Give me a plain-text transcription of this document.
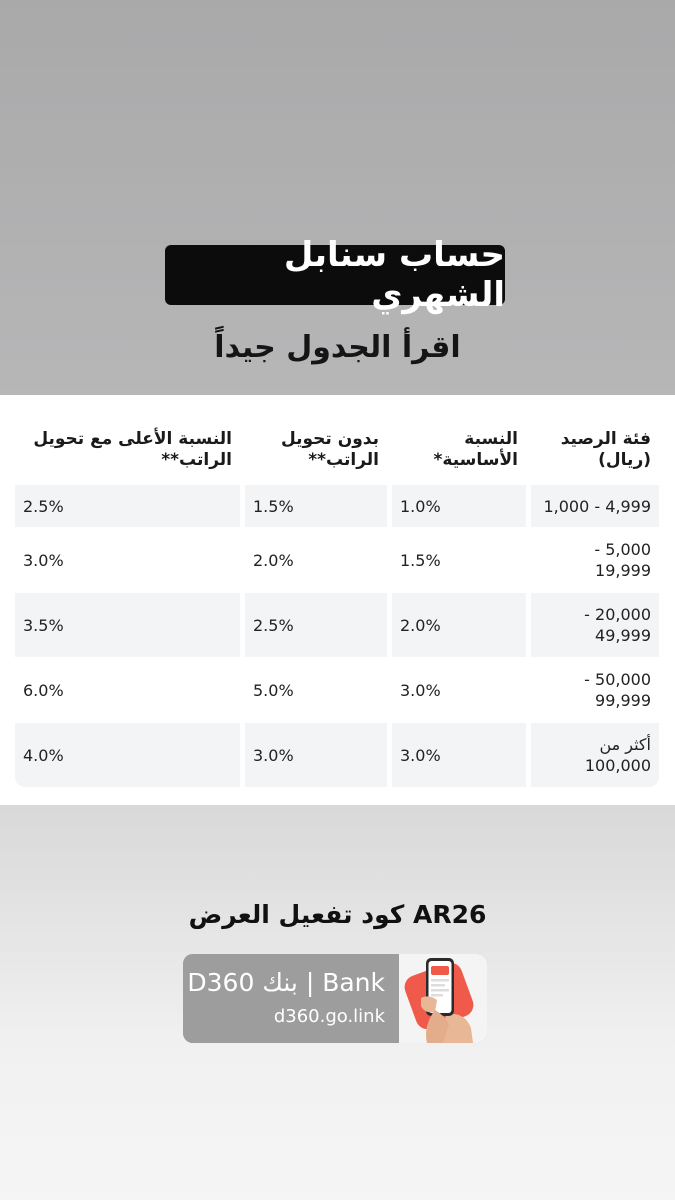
حساب سنابل الشهري
اقرأ الجدول جيداً
فئة الرصيد (ريال)
النسبة الأساسية*
بدون تحويل الراتب**
النسبة الأعلى مع تحويل الراتب**
1,000 - 4,999
1.0%
1.5%
2.5%
5,000 - 19,999
1.5%
2.0%
3.0%
20,000 - 49,999
2.0%
2.5%
3.5%
50,000 - 99,999
3.0%
5.0%
6.0%
أكثر من 100,000
3.0%
3.0%
4.0%
كود تفعيل العرض AR26
D360 بنك | Bank
d360.go.link
